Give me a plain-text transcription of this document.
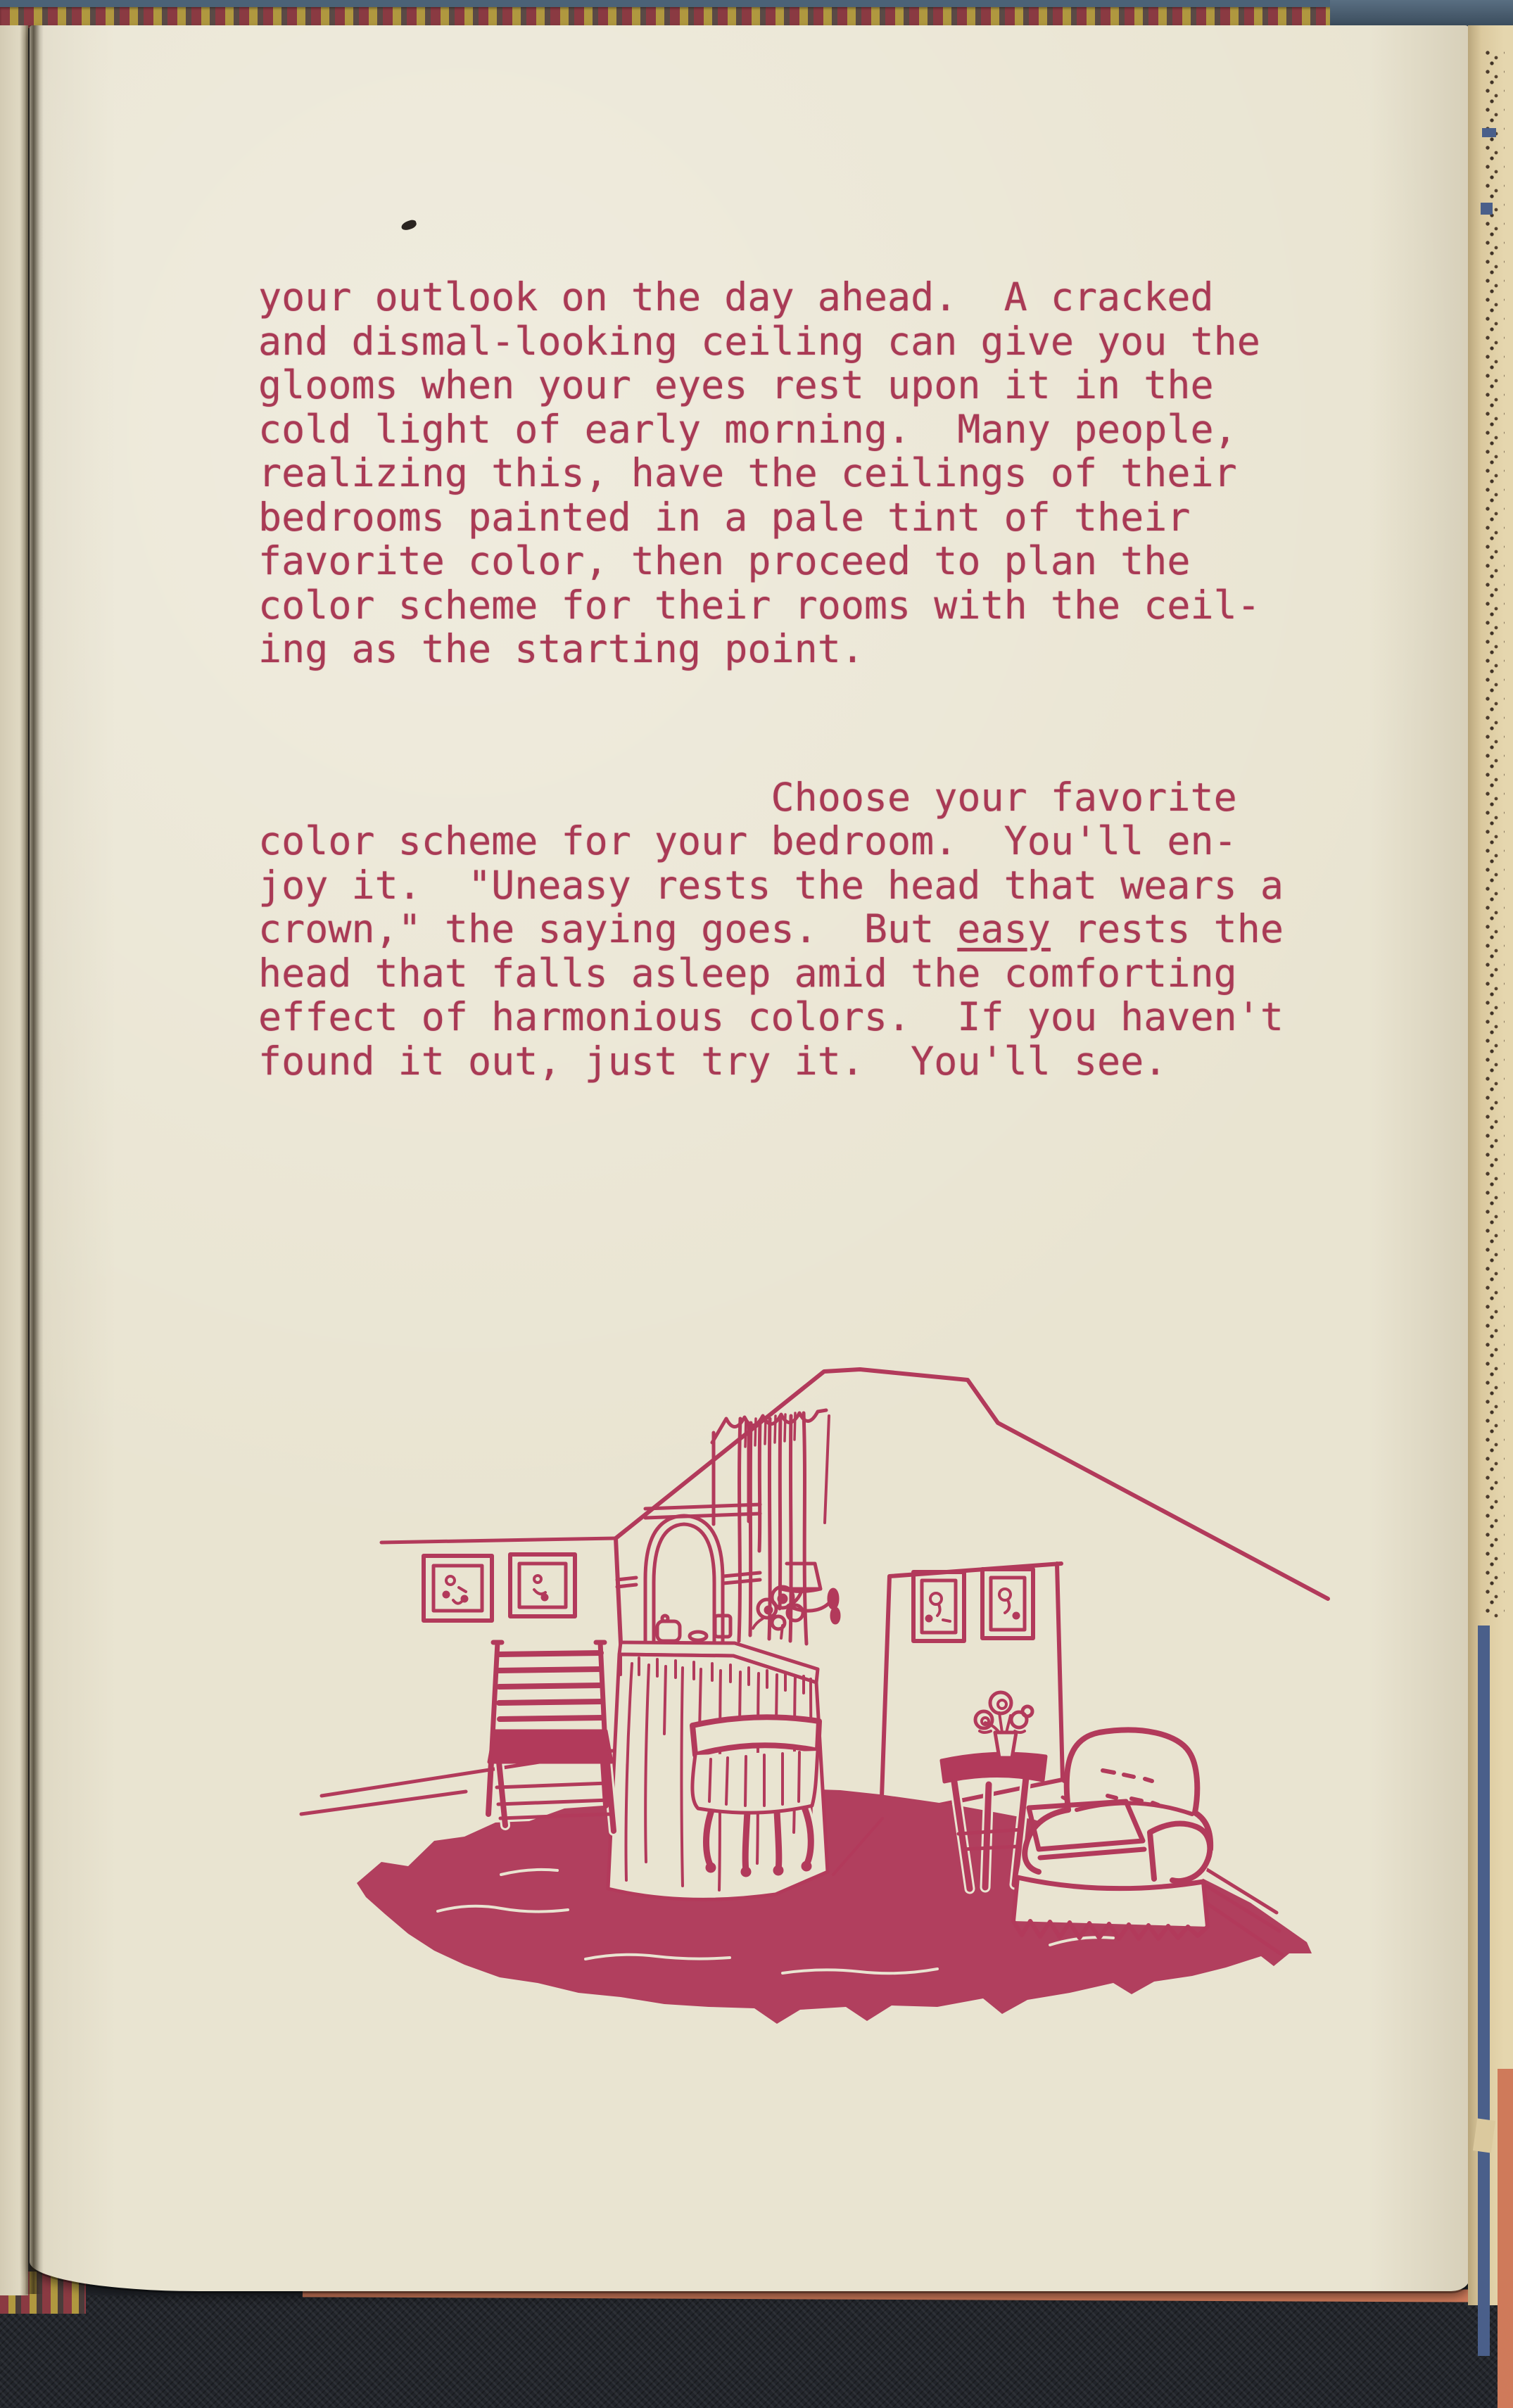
your outlook on the day ahead.  A cracked
and dismal-looking ceiling can give you the
glooms when your eyes rest upon it in the
cold light of early morning.  Many people,
realizing this, have the ceilings of their
bedrooms painted in a pale tint of their
favorite color, then proceed to plan the
color scheme for their rooms with the ceil-
ing as the starting point.
Choose your favorite
color scheme for your bedroom.  You'll en-
joy it.  "Uneasy rests the head that wears a
crown," the saying goes.  But easy rests the
head that falls asleep amid the comforting
effect of harmonious colors.  If you haven't
found it out, just try it.  You'll see.
